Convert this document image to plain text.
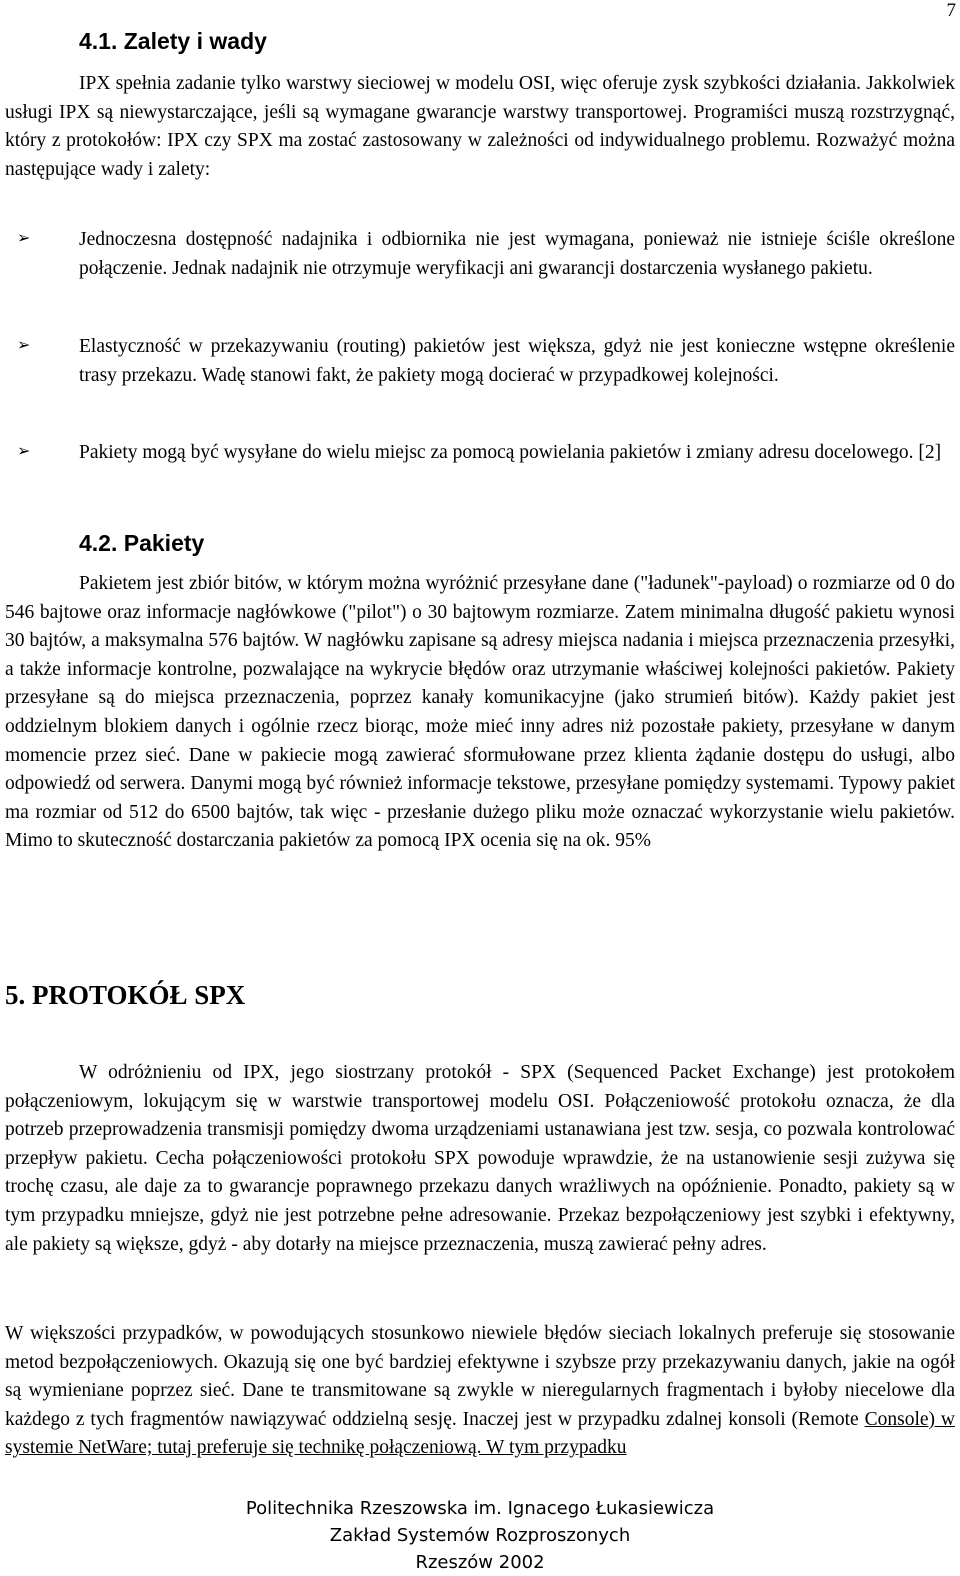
7
4.1. Zalety i wady

IPX spełnia zadanie tylko warstwy sieciowej w modelu OSI, więc oferuje zysk szybkości działania. Jakkolwiek usługi IPX są niewystarczające, jeśli są wymagane gwarancje warstwy transportowej. Programiści muszą rozstrzygnąć, który z protokołów: IPX czy SPX ma zostać zastosowany w zależności od indywidualnego problemu. Rozważyć można następujące wady i zalety:

➢ Jednoczesna dostępność nadajnika i odbiornika nie jest wymagana, ponieważ nie istnieje ściśle określone połączenie. Jednak nadajnik nie otrzymuje weryfikacji ani gwarancji dostarczenia wysłanego pakietu.

➢ Elastyczność w przekazywaniu (routing) pakietów jest większa, gdyż nie jest konieczne wstępne określenie trasy przekazu. Wadę stanowi fakt, że pakiety mogą docierać w przypadkowej kolejności.

➢ Pakiety mogą być wysyłane do wielu miejsc za pomocą powielania pakietów i zmiany adresu docelowego. [2]

4.2. Pakiety

Pakietem jest zbiór bitów, w którym można wyróżnić przesyłane dane ("ładunek"-payload) o rozmiarze od 0 do 546 bajtowe oraz informacje nagłówkowe ("pilot") o 30 bajtowym rozmiarze. Zatem minimalna długość pakietu wynosi 30 bajtów, a maksymalna 576 bajtów. W nagłówku zapisane są adresy miejsca nadania i miejsca przeznaczenia przesyłki, a także informacje kontrolne, pozwalające na wykrycie błędów oraz utrzymanie właściwej kolejności pakietów. Pakiety przesyłane są do miejsca przeznaczenia, poprzez kanały komunikacyjne (jako strumień bitów). Każdy pakiet jest oddzielnym blokiem danych i ogólnie rzecz biorąc, może mieć inny adres niż pozostałe pakiety, przesyłane w danym momencie przez sieć. Dane w pakiecie mogą zawierać sformułowane przez klienta żądanie dostępu do usługi, albo odpowiedź od serwera. Danymi mogą być również informacje tekstowe, przesyłane pomiędzy systemami. Typowy pakiet ma rozmiar od 512 do 6500 bajtów, tak więc - przesłanie dużego pliku może oznaczać wykorzystanie wielu pakietów. Mimo to skuteczność dostarczania pakietów za pomocą IPX ocenia się na ok. 95%

5. PROTOKÓŁ SPX

W odróżnieniu od IPX, jego siostrzany protokół - SPX (Sequenced Packet Exchange) jest protokołem połączeniowym, lokującym się w warstwie transportowej modelu OSI. Połączeniowość protokołu oznacza, że dla potrzeb przeprowadzenia transmisji pomiędzy dwoma urządzeniami ustanawiana jest tzw. sesja, co pozwala kontrolować przepływ pakietu. Cecha połączeniowości protokołu SPX powoduje wprawdzie, że na ustanowienie sesji zużywa się trochę czasu, ale daje za to gwarancje poprawnego przekazu danych wrażliwych na opóźnienie. Ponadto, pakiety są w tym przypadku mniejsze, gdyż nie jest potrzebne pełne adresowanie. Przekaz bezpołączeniowy jest szybki i efektywny, ale pakiety są większe, gdyż - aby dotarły na miejsce przeznaczenia, muszą zawierać pełny adres.

W większości przypadków, w powodujących stosunkowo niewiele błędów sieciach lokalnych preferuje się stosowanie metod bezpołączeniowych. Okazują się one być bardziej efektywne i szybsze przy przekazywaniu danych, jakie na ogół są wymieniane poprzez sieć. Dane te transmitowane są zwykle w nieregularnych fragmentach i byłoby niecelowe dla każdego z tych fragmentów nawiązywać oddzielną sesję. Inaczej jest w przypadku zdalnej konsoli (Remote Console) w systemie NetWare; tutaj preferuje się technikę połączeniową. W tym przypadku

Politechnika Rzeszowska im. Ignacego Łukasiewicza
Zakład Systemów Rozproszonych
Rzeszów 2002
